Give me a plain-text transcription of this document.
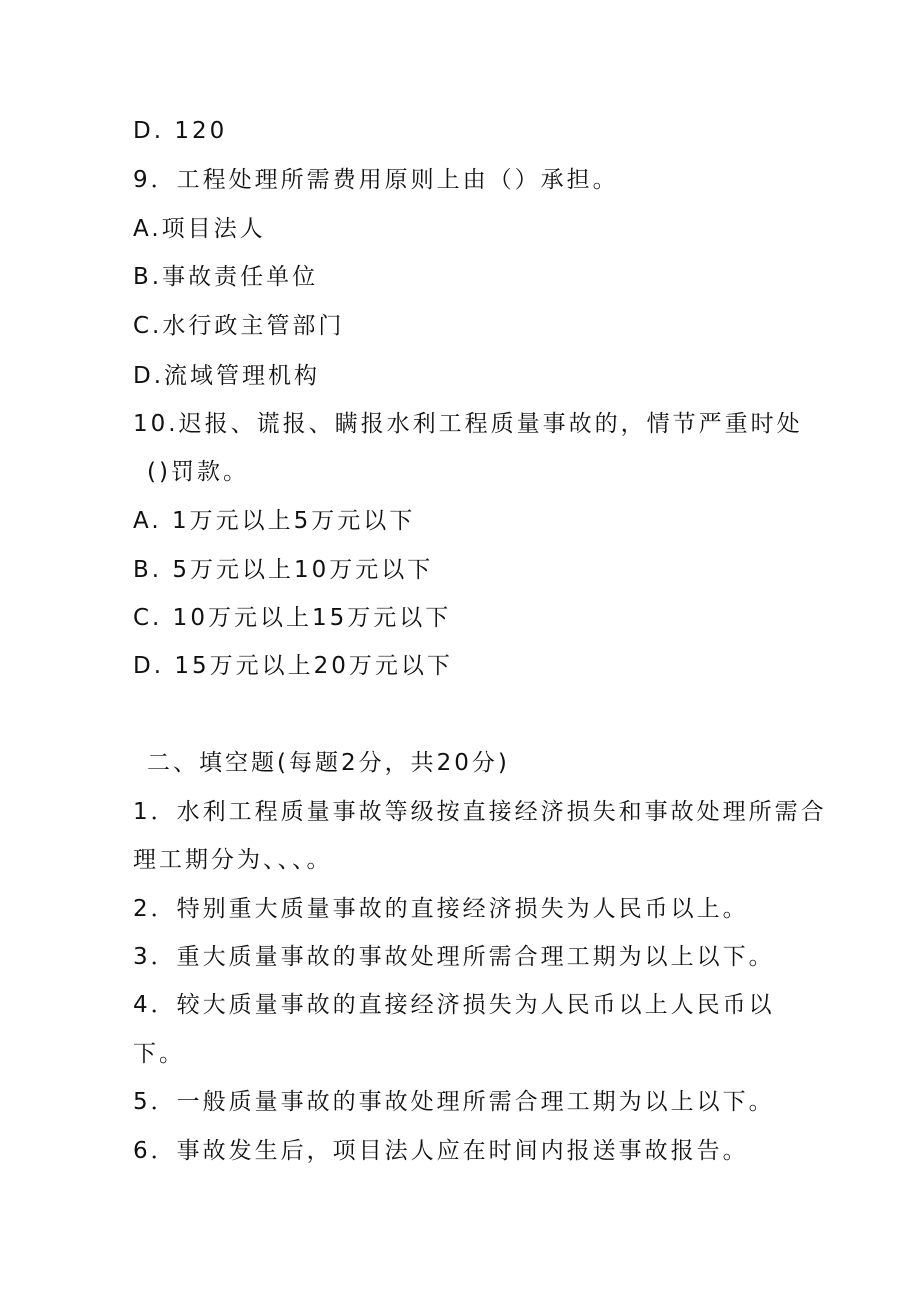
D. 120
9．工程处理所需费用原则上由（）承担。
A.项目法人
B.事故责任单位
C.水行政主管部门
D.流域管理机构
10.迟报、谎报、瞒报水利工程质量事故的，情节严重时处
()罚款。
A. 1万元以上5万元以下
B. 5万元以上10万元以下
C. 10万元以上15万元以下
D. 15万元以上20万元以下
二、填空题(每题2分，共20分)
1．水利工程质量事故等级按直接经济损失和事故处理所需合
理工期分为、、、。
2．特别重大质量事故的直接经济损失为人民币以上。
3．重大质量事故的事故处理所需合理工期为以上以下。
4．较大质量事故的直接经济损失为人民币以上人民币以
下。
5．一般质量事故的事故处理所需合理工期为以上以下。
6．事故发生后，项目法人应在时间内报送事故报告。
